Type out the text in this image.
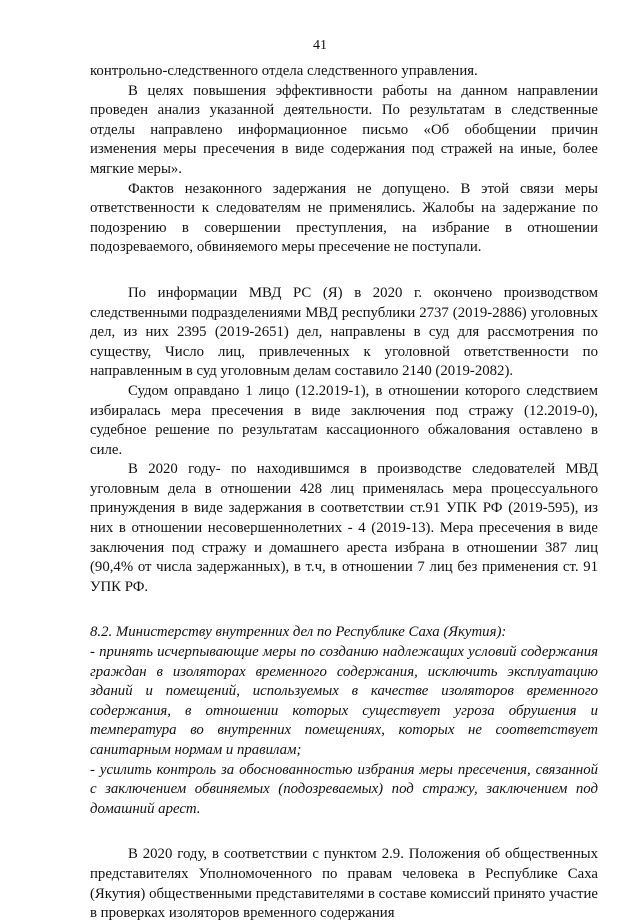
41

контрольно-следственного отдела следственного управления.

В целях повышения эффективности работы на данном направлении проведен анализ указанной деятельности. По результатам в следственные отделы направлено информационное письмо «Об обобщении причин изменения меры пресечения в виде содержания под стражей на иные, более мягкие меры».

Фактов незаконного задержания не допущено. В этой связи меры ответственности к следователям не применялись. Жалобы на задержание по подозрению в совершении преступления, на избрание в отношении подозреваемого, обвиняемого меры пресечение не поступали.

По информации МВД РС (Я) в 2020 г. окончено производством следственными подразделениями МВД республики 2737 (2019-2886) уголовных дел, из них 2395 (2019-2651) дел, направлены в суд для рассмотрения по существу, Число лиц, привлеченных к уголовной ответственности по направленным в суд уголовным делам составило 2140 (2019-2082).

Судом оправдано 1 лицо (12.2019-1), в отношении которого следствием избиралась мера пресечения в виде заключения под стражу (12.2019-0), судебное решение по результатам кассационного обжалования оставлено в силе.

В 2020 году- по находившимся в производстве следователей МВД уголовным дела в отношении 428 лиц применялась мера процессуального принуждения в виде задержания в соответствии ст.91 УПК РФ (2019-595), из них в отношении несовершеннолетних - 4 (2019-13). Мера пресечения в виде заключения под стражу и домашнего ареста избрана в отношении 387 лиц (90,4% от числа задержанных), в т.ч, в отношении 7 лиц без применения ст. 91 УПК РФ.

8.2. Министерству внутренних дел по Республике Саха (Якутия):

- принять исчерпывающие меры по созданию надлежащих условий содержания граждан в изоляторах временного содержания, исключить эксплуатацию зданий и помещений, используемых в качестве изоляторов временного содержания, в отношении которых существует угроза обрушения и температура во внутренних помещениях, которых не соответствует санитарным нормам и правилам;

- усилить контроль за обоснованностью избрания меры пресечения, связанной с заключением обвиняемых (подозреваемых) под стражу, заключением под домашний арест.

В 2020 году, в соответствии с пунктом 2.9. Положения об общественных представителях Уполномоченного по правам человека в Республике Саха (Якутия) общественными представителями в составе комиссий принято участие в проверках изоляторов временного содержания
